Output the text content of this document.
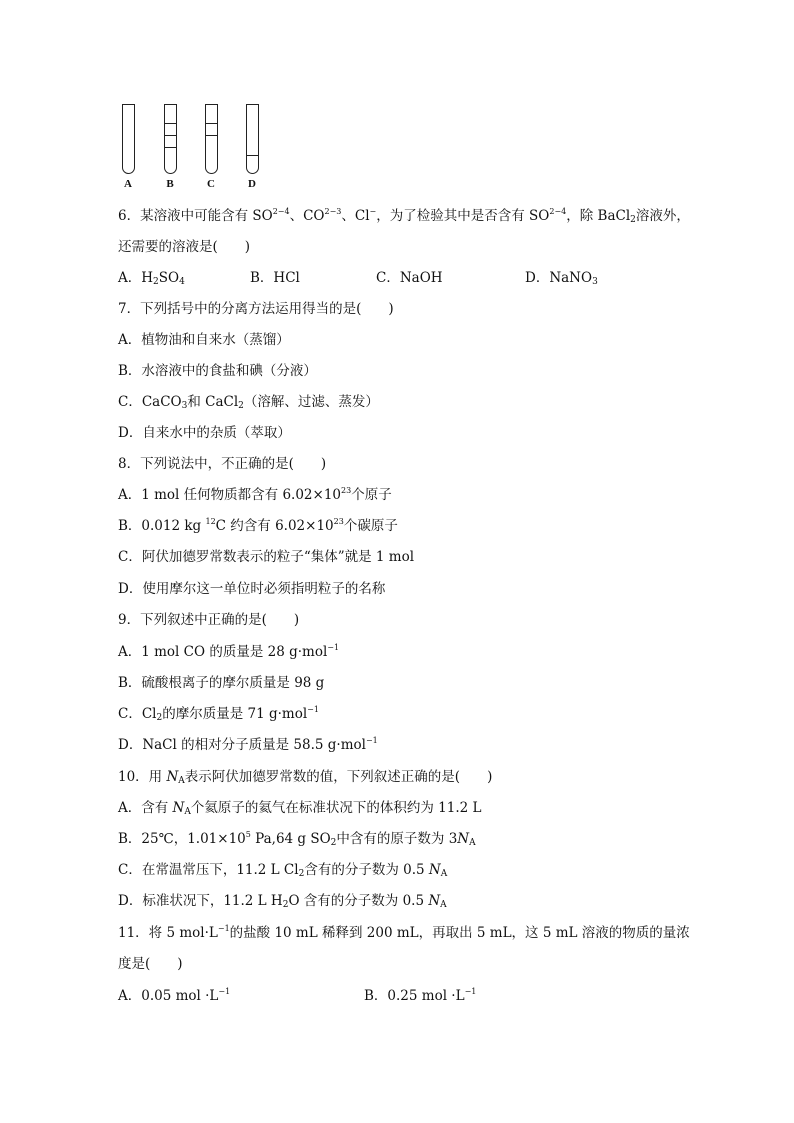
A	B	C	D
6．某溶液中可能含有 $SO^{2-4}$、$CO^{2-3}$、Cl−，为了检验其中是否含有 $SO^{2-4}$，除 BaCl$_2$溶液外，
还需要的溶液是(　　)
A．$H_2SO_4$	B．HCl	C．NaOH	D．NaNO$_3$
7．下列括号中的分离方法运用得当的是(　　)
A．植物油和自来水（蒸馏）
B．水溶液中的食盐和碘（分液）
C．CaCO$_3$和 CaCl$_2$（溶解、过滤、蒸发）
D．自来水中的杂质（萃取）
8．下列说法中，不正确的是(　　)
A．1 mol 任何物质都含有 $6.02\times 10^{23}$个原子
B．0.012 kg $^{12}$C 约含有 $6.02\times 10^{23}$个碳原子
C．阿伏加德罗常数表示的粒子“集体”就是 1 mol
D．使用摩尔这一单位时必须指明粒子的名称
9．下列叙述中正确的是(　　)
A．1 mol CO 的质量是 28 g·mol$^{-1}$
B．硫酸根离子的摩尔质量是 98 g
C．$Cl_2$的摩尔质量是 71 g·mol$^{-1}$
D．NaCl 的相对分子质量是 58.5 g·mol$^{-1}$
10．用 $N_A$表示阿伏加德罗常数的值，下列叙述正确的是(　　)
A．含有 $N_A$个氦原子的氦气在标准状况下的体积约为 11.2 L
B．25℃，$1.01\times 10^5$ Pa,64 g $SO_2$中含有的原子数为 $3N_A$
C．在常温常压下，11.2 L $Cl_2$含有的分子数为 0.5 $N_A$
D．标准状况下，11.2 L $H_2O$ 含有的分子数为 0.5 $N_A$
11．将 5 $mol\cdot L^{-1}$的盐酸 10 mL 稀释到 200 mL，再取出 5 mL，这 5 mL 溶液的物质的量浓
度是(　　)
A．0.05 mol $\cdot L^{-1}$	B．0.25 mol $\cdot L^{-1}$
